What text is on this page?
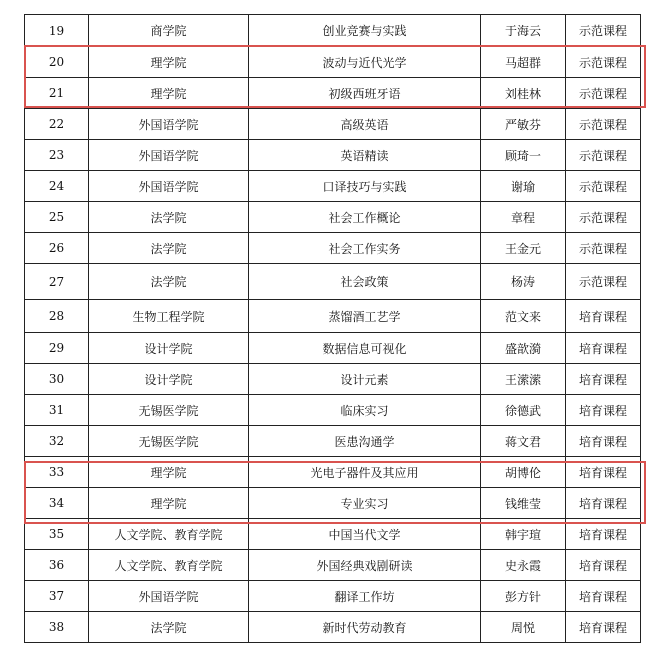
19	商学院	创业竞赛与实践	于海云	示范课程
20	理学院	波动与近代光学	马超群	示范课程
21	理学院	初级西班牙语	刘桂林	示范课程
22	外国语学院	高级英语	严敏芬	示范课程
23	外国语学院	英语精读	顾琦一	示范课程
24	外国语学院	口译技巧与实践	谢瑜	示范课程
25	法学院	社会工作概论	章程	示范课程
26	法学院	社会工作实务	王金元	示范课程
27	法学院	社会政策	杨涛	示范课程
28	生物工程学院	蒸馏酒工艺学	范文来	培育课程
29	设计学院	数据信息可视化	盛歆漪	培育课程
30	设计学院	设计元素	王潆潆	培育课程
31	无锡医学院	临床实习	徐德武	培育课程
32	无锡医学院	医患沟通学	蒋文君	培育课程
33	理学院	光电子器件及其应用	胡博伦	培育课程
34	理学院	专业实习	钱维莹	培育课程
35	人文学院、教育学院	中国当代文学	韩宇瑄	培育课程
36	人文学院、教育学院	外国经典戏剧研读	史永霞	培育课程
37	外国语学院	翻译工作坊	彭方针	培育课程
38	法学院	新时代劳动教育	周悦	培育课程
